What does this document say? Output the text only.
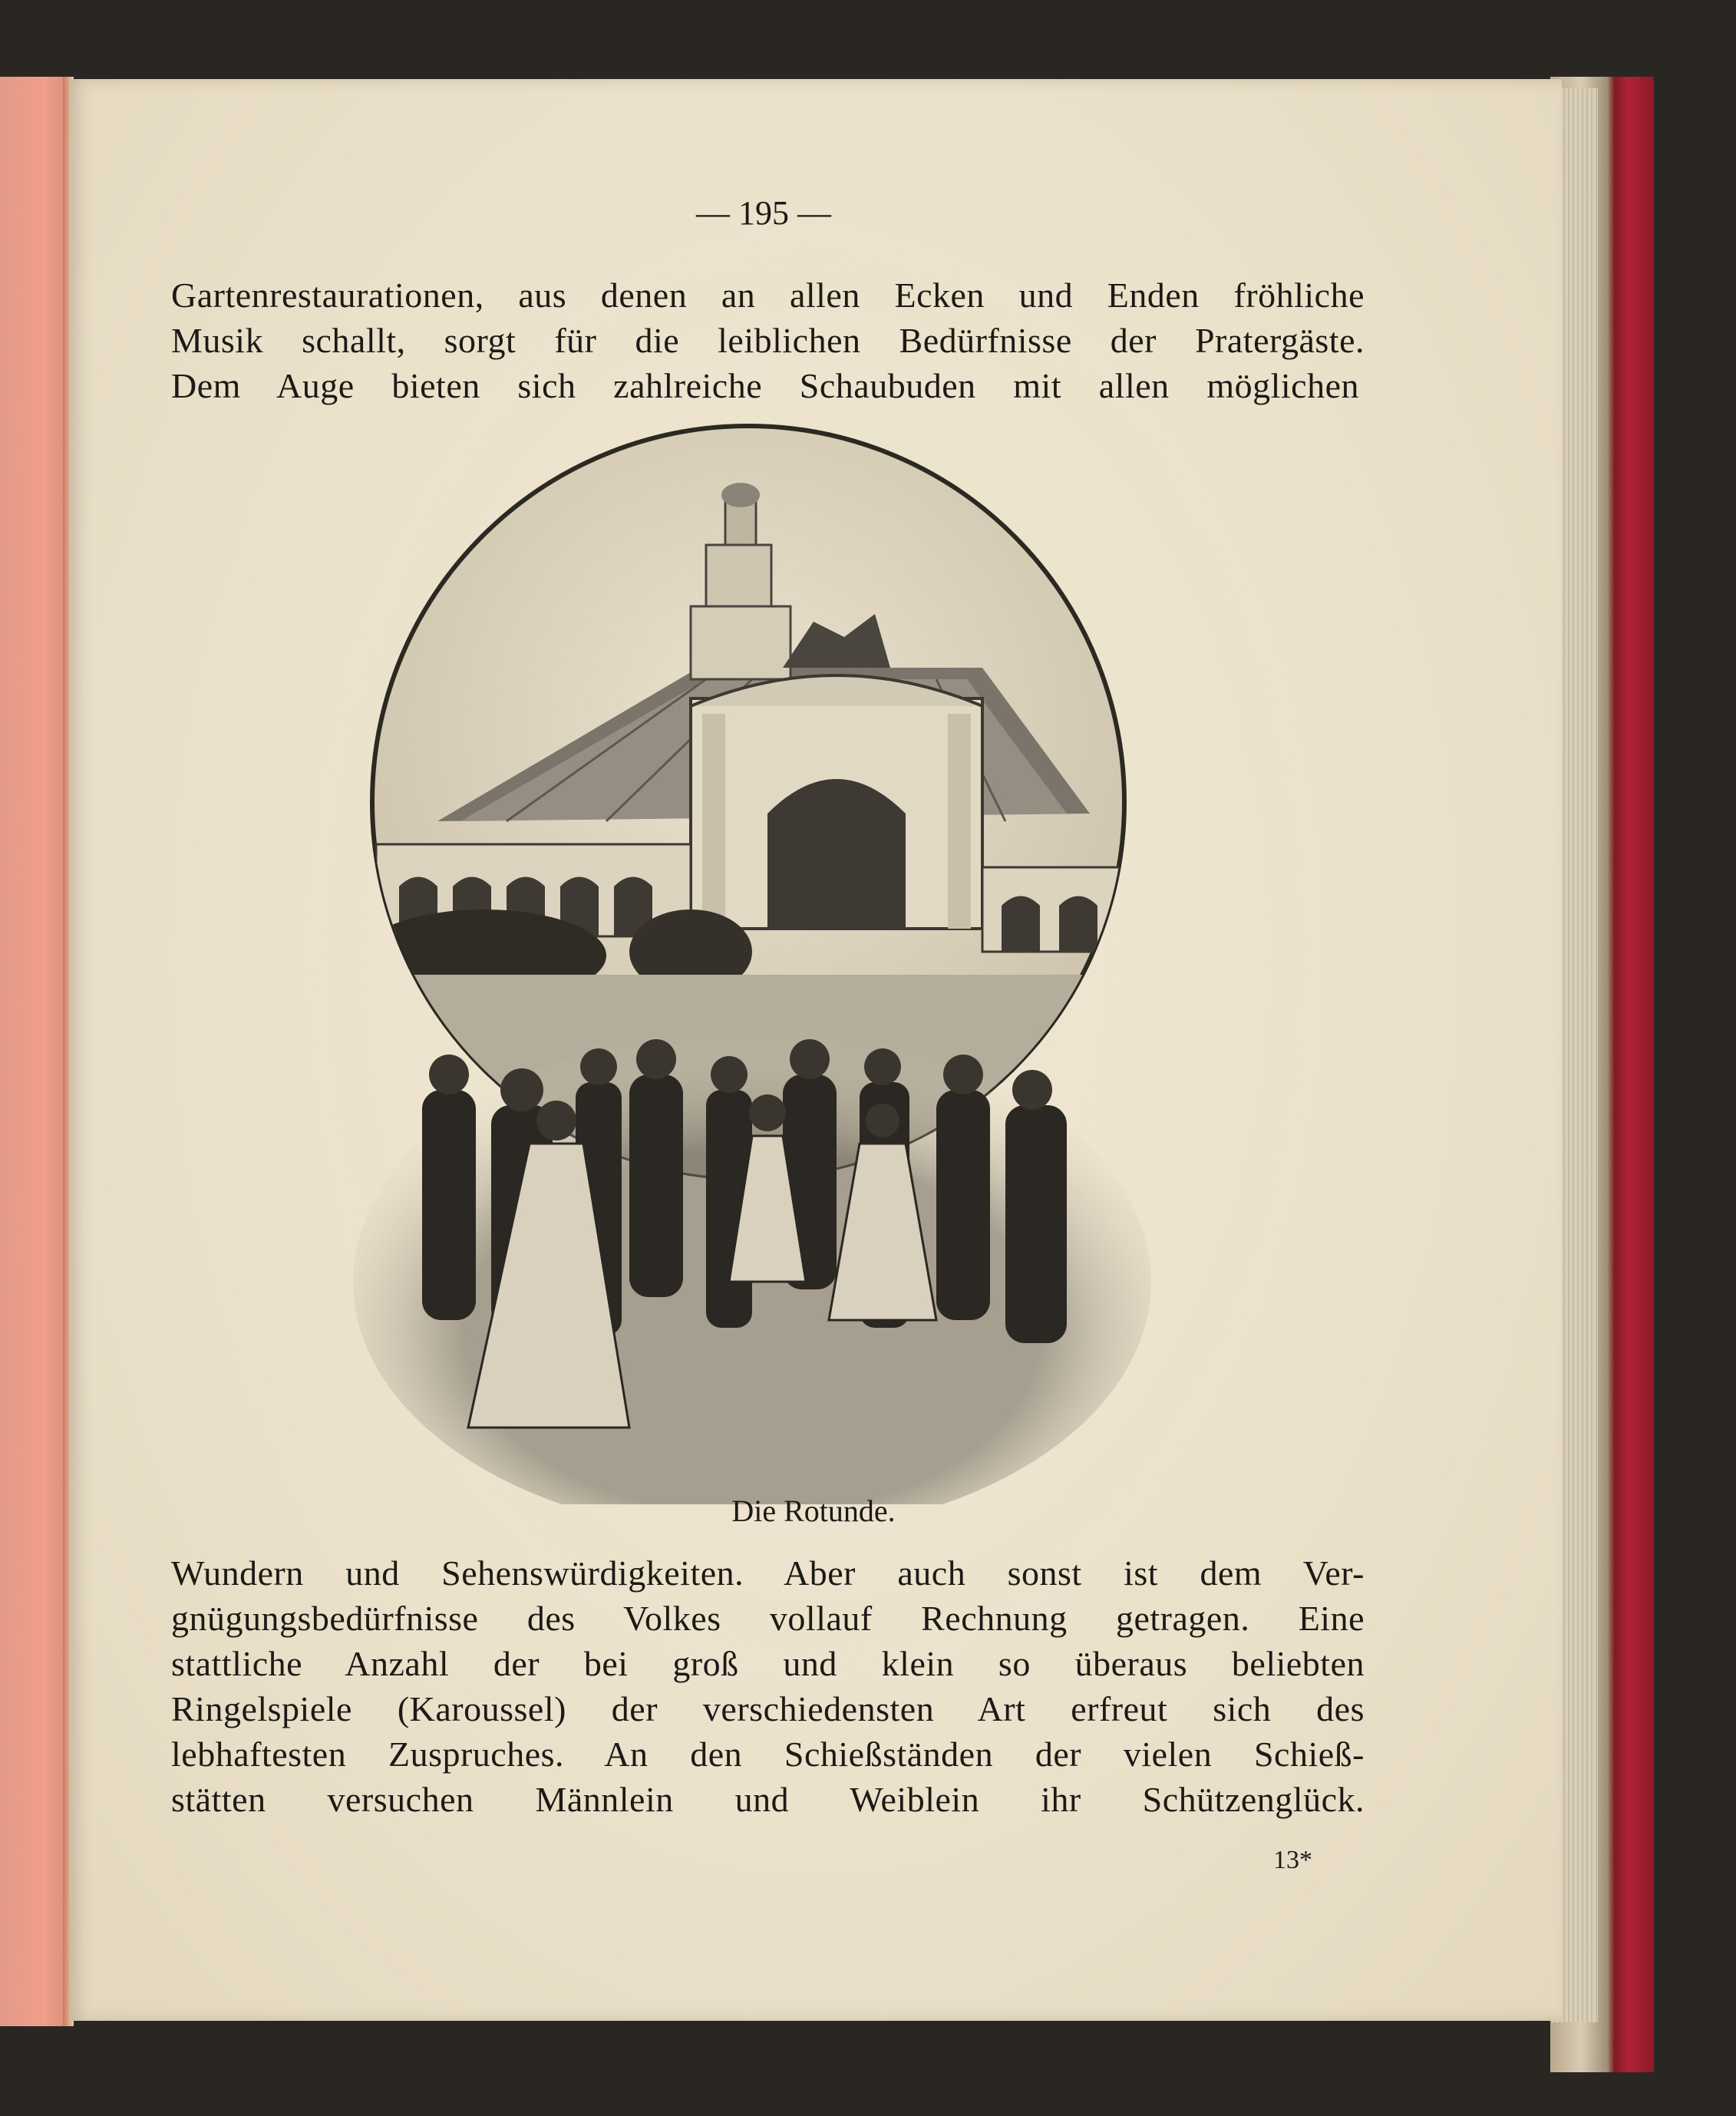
— 195 —
Gartenrestaurationen, aus denen an allen Ecken und Enden fröhliche
Musik schallt, sorgt für die leiblichen Bedürfnisse der Pratergäste.
Dem Auge bieten sich zahlreiche Schaubuden mit allen möglichen
Die Rotunde.
Wundern und Sehenswürdigkeiten. Aber auch sonst ist dem Ver-
gnügungsbedürfnisse des Volkes vollauf Rechnung getragen. Eine
stattliche Anzahl der bei groß und klein so überaus beliebten
Ringelspiele (Karoussel) der verschiedensten Art erfreut sich des
lebhaftesten Zuspruches. An den Schießständen der vielen Schieß-
stätten versuchen Männlein und Weiblein ihr Schützenglück.
13*
